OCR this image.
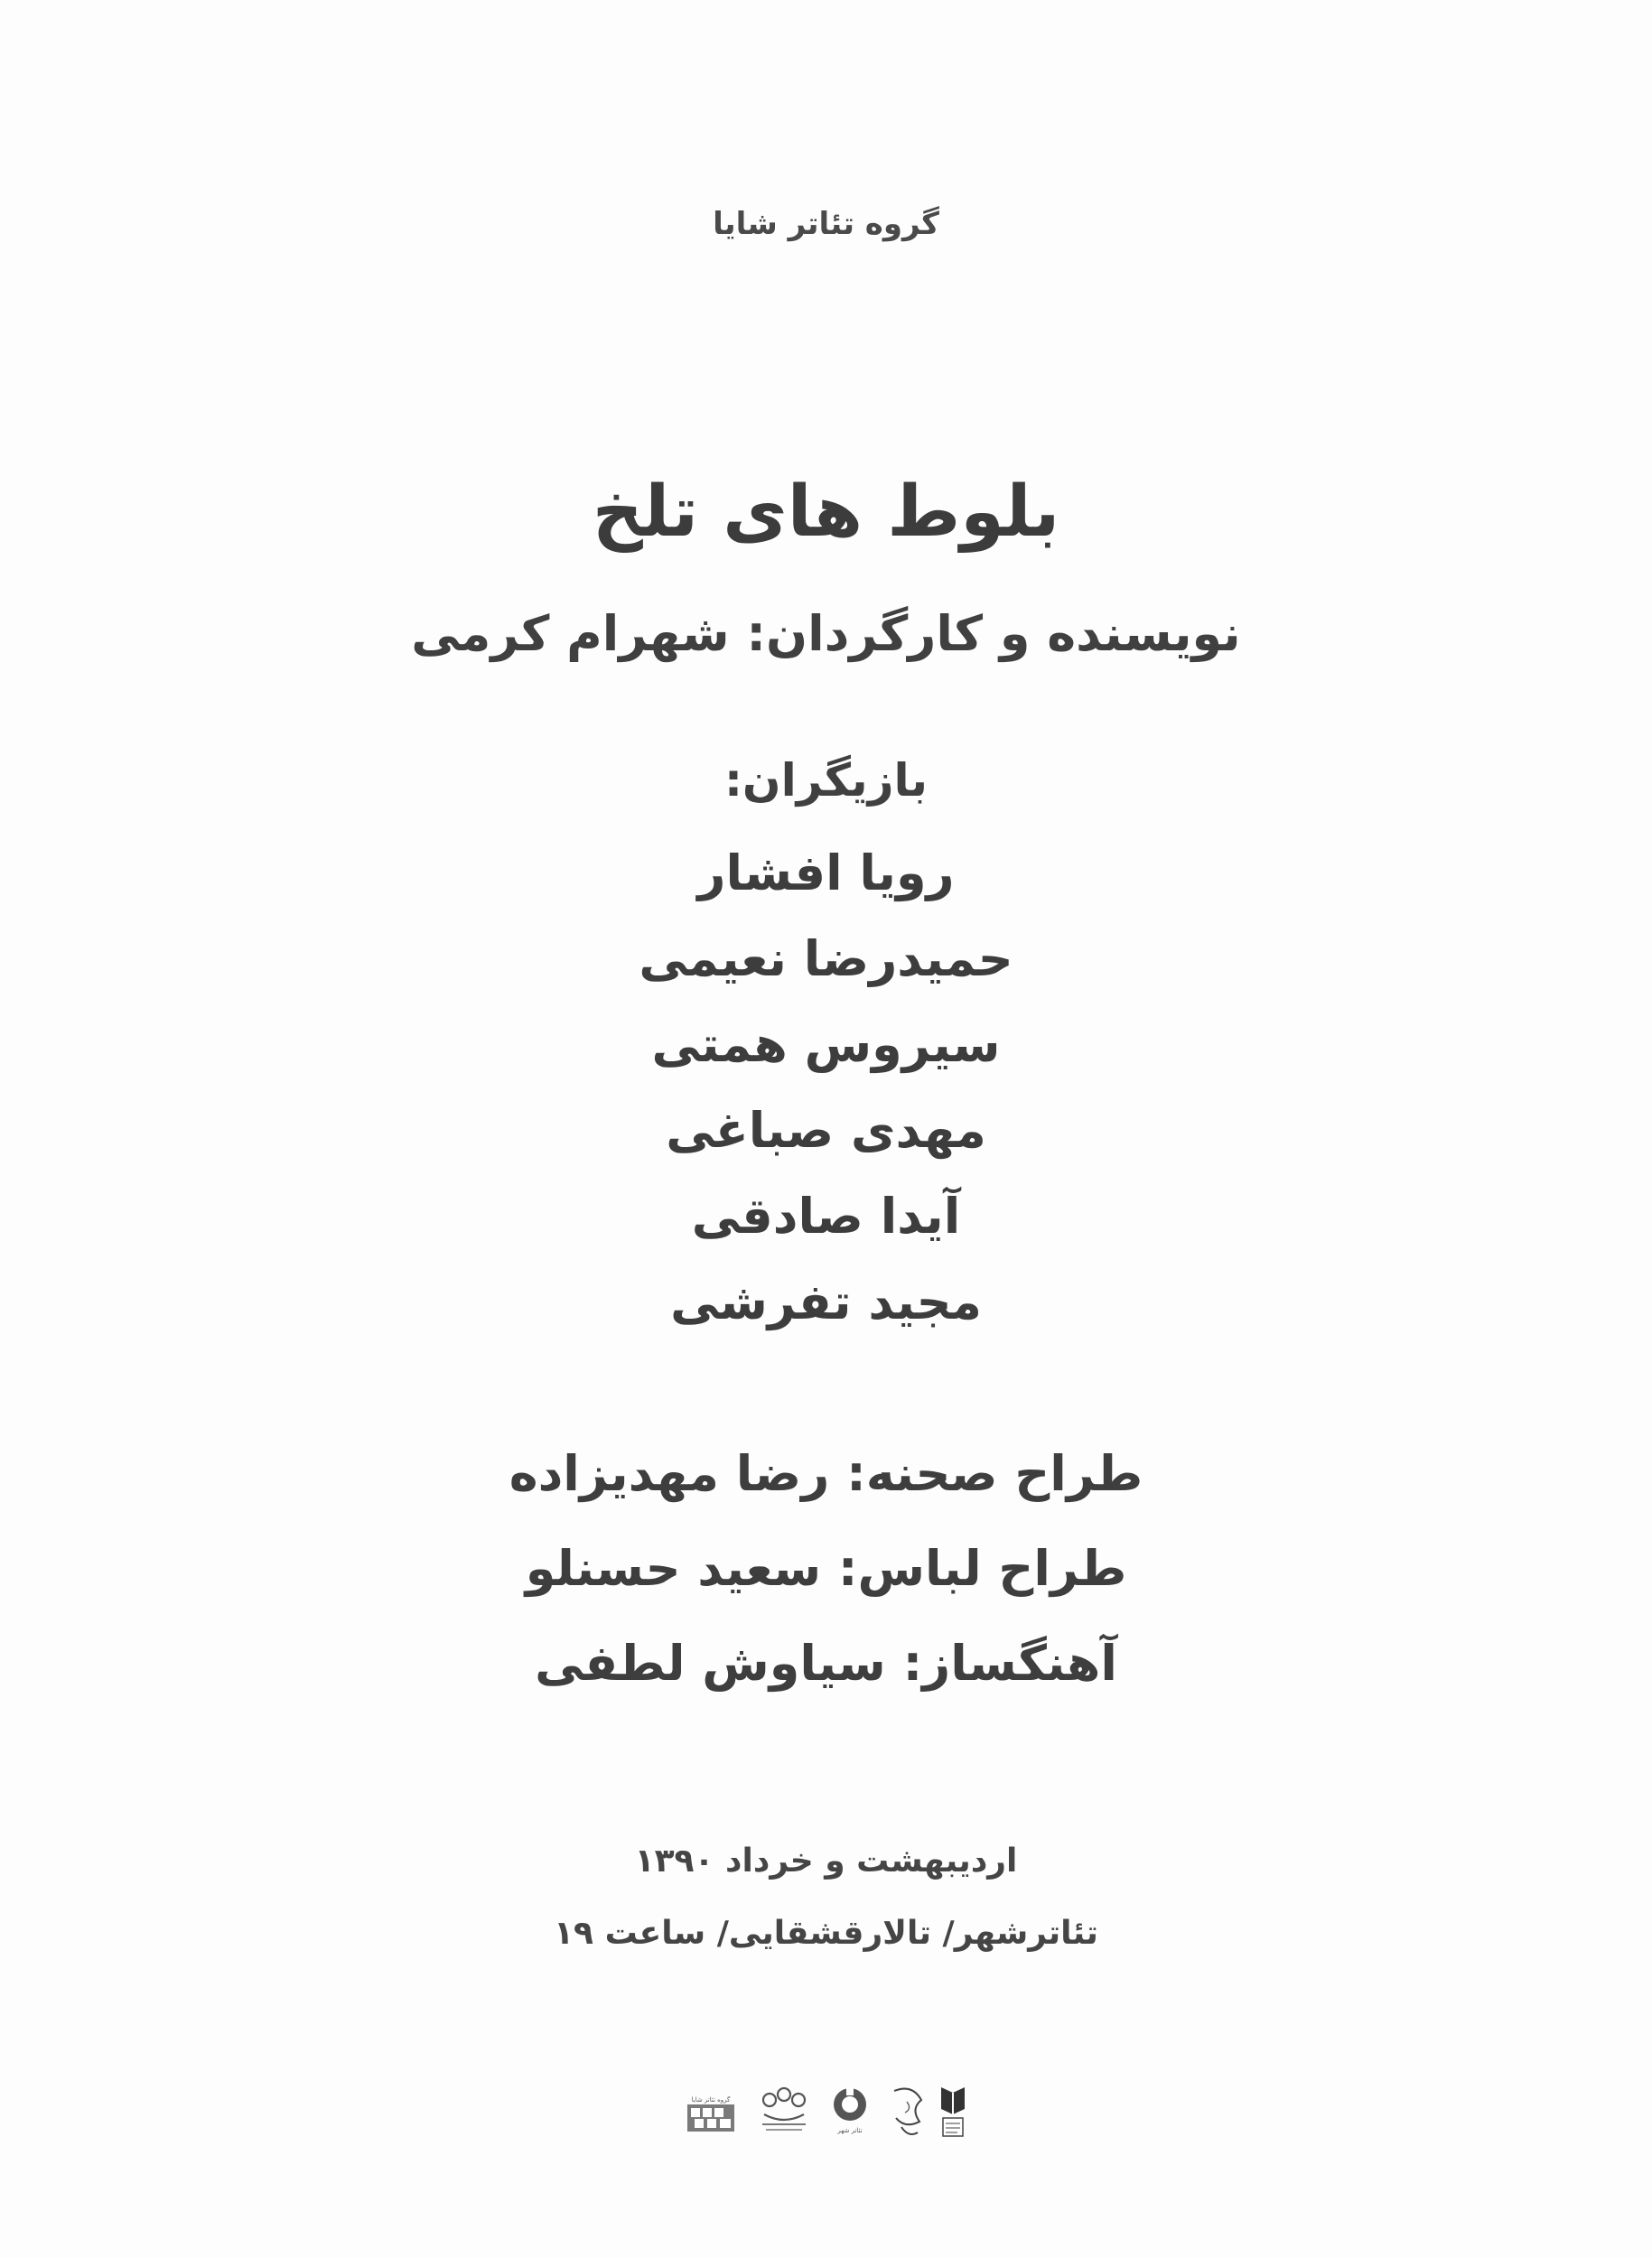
گروه تئاتر شایا
بلوط های تلخ
نویسنده و کارگردان: شهرام کرمی
بازیگران:
رویا افشار
حمیدرضا نعیمی
سیروس همتی
مهدی صباغی
آیدا صادقی
مجید تفرشی
طراح صحنه: رضا مهدیزاده
طراح لباس: سعید حسنلو
آهنگساز: سیاوش لطفی
اردیبهشت و خرداد ۱۳۹۰
تئاترشهر/ تالارقشقایی/ ساعت ۱۹
گروه تئاتر شایا
تئاتر شهر
